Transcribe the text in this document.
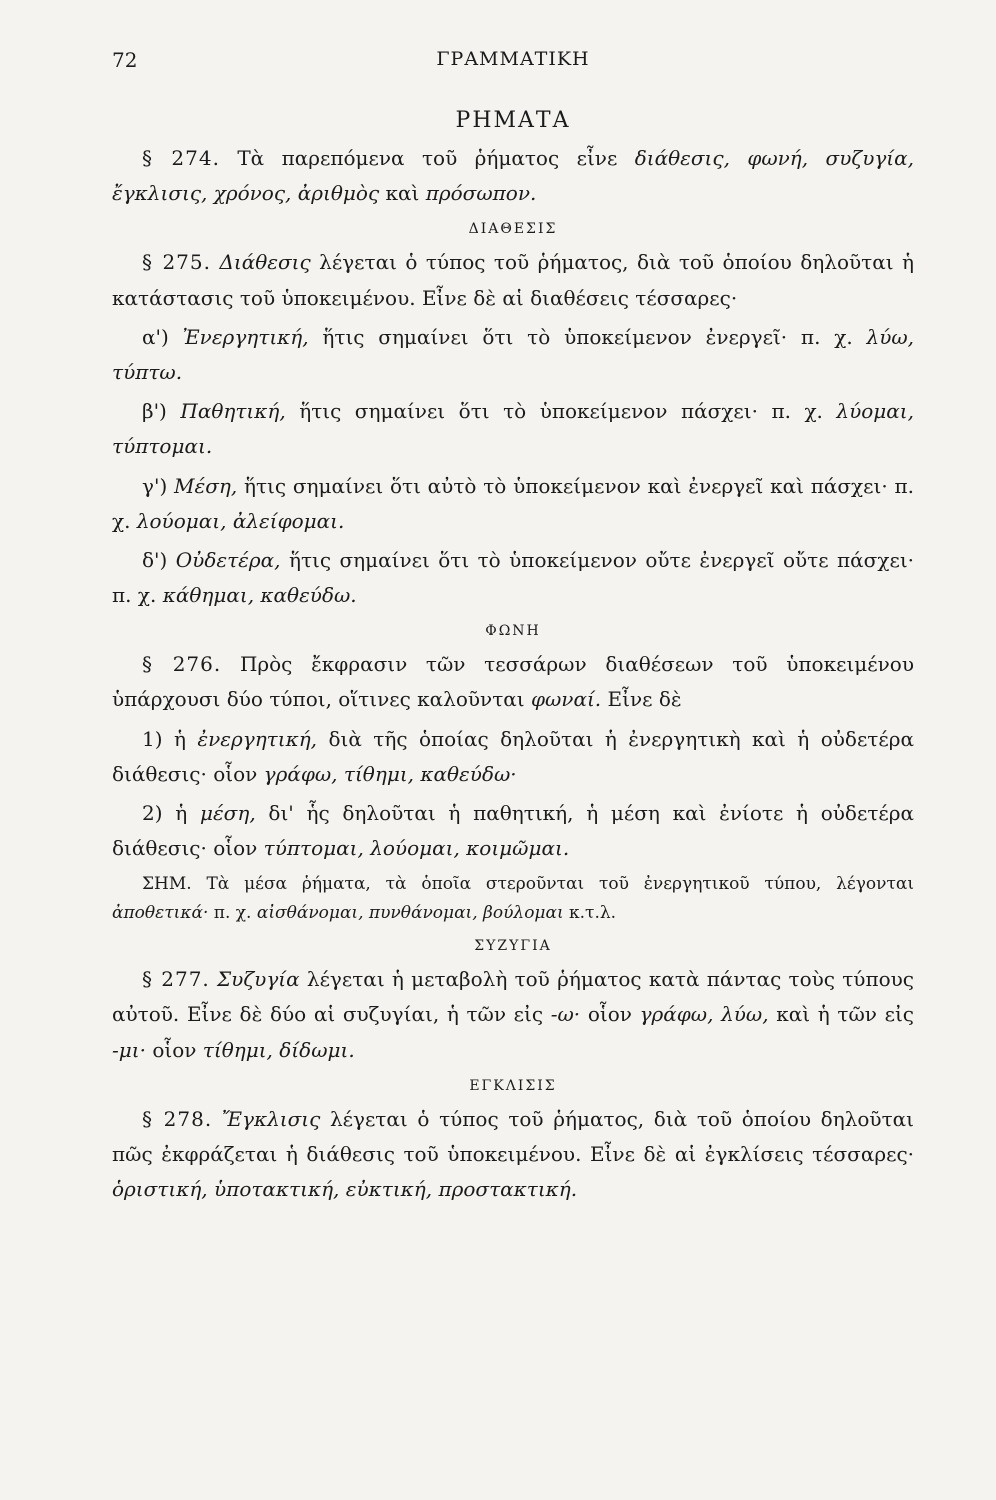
72	ΓΡΑΜΜΑΤΙΚΗ
ΡΗΜΑΤΑ

§ 274. Τὰ παρεπόμενα τοῦ ῥήματος εἶνε διάθεσις, φωνή, συζυγία, ἔγκλισις, χρόνος, ἀριθμὸς καὶ πρόσωπον.

ΔΙΑΘΕΣΙΣ

§ 275. Διάθεσις λέγεται ὁ τύπος τοῦ ῥήματος, διὰ τοῦ ὁποίου δηλοῦται ἡ κατάστασις τοῦ ὑποκειμένου. Εἶνε δὲ αἱ διαθέσεις τέσσαρες·

α') Ἐνεργητική, ἥτις σημαίνει ὅτι τὸ ὑποκείμενον ἐνεργεῖ· π. χ. λύω, τύπτω.

β') Παθητική, ἥτις σημαίνει ὅτι τὸ ὑποκείμενον πάσχει· π. χ. λύομαι, τύπτομαι.

γ') Μέση, ἥτις σημαίνει ὅτι αὐτὸ τὸ ὑποκείμενον καὶ ἐνεργεῖ καὶ πάσχει· π. χ. λούομαι, ἀλείφομαι.

δ') Οὐδετέρα, ἥτις σημαίνει ὅτι τὸ ὑποκείμενον οὔτε ἐνεργεῖ οὔτε πάσχει· π. χ. κάθημαι, καθεύδω.

ΦΩΝΗ

§ 276. Πρὸς ἔκφρασιν τῶν τεσσάρων διαθέσεων τοῦ ὑποκειμένου ὑπάρχουσι δύο τύποι, οἵτινες καλοῦνται φωναί. Εἶνε δὲ

1) ἡ ἐνεργητική, διὰ τῆς ὁποίας δηλοῦται ἡ ἐνεργητικὴ καὶ ἡ οὐδετέρα διάθεσις· οἷον γράφω, τίθημι, καθεύδω·

2) ἡ μέση, δι' ἧς δηλοῦται ἡ παθητική, ἡ μέση καὶ ἐνίοτε ἡ οὐδετέρα διάθεσις· οἷον τύπτομαι, λούομαι, κοιμῶμαι.

ΣΗΜ. Τὰ μέσα ῥήματα, τὰ ὁποῖα στεροῦνται τοῦ ἐνεργητικοῦ τύπου, λέγονται ἀποθετικά· π. χ. αἰσθάνομαι, πυνθάνομαι, βούλομαι κ.τ.λ.

ΣΥΖΥΓΙΑ

§ 277. Συζυγία λέγεται ἡ μεταβολὴ τοῦ ῥήματος κατὰ πάντας τοὺς τύπους αὐτοῦ. Εἶνε δὲ δύο αἱ συζυγίαι, ἡ τῶν εἰς -ω· οἷον γράφω, λύω, καὶ ἡ τῶν εἰς -μι· οἷον τίθημι, δίδωμι.

ΕΓΚΛΙΣΙΣ

§ 278. Ἔγκλισις λέγεται ὁ τύπος τοῦ ῥήματος, διὰ τοῦ ὁποίου δηλοῦται πῶς ἐκφράζεται ἡ διάθεσις τοῦ ὑποκειμένου. Εἶνε δὲ αἱ ἐγκλίσεις τέσσαρες· ὁριστική, ὑποτακτική, εὐκτική, προστακτική.
